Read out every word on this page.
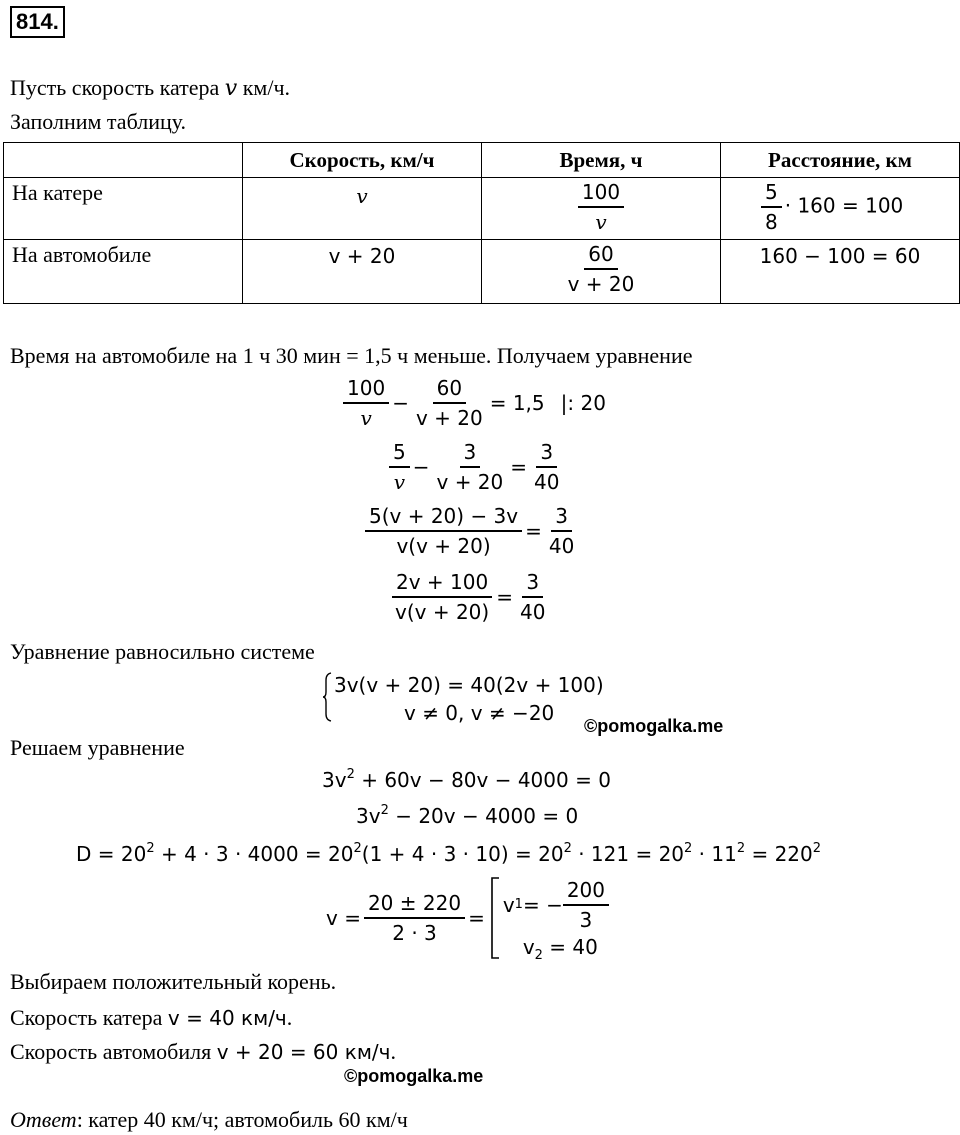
814.
Пусть скорость катера v км/ч.
Заполним таблицу.
	Скорость, км/ч	Время, ч	Расстояние, км
На катере	v	$\frac{100}{v}$	$\frac{5}{8} \cdot 160 = 100$
На автомобиле	v + 20	$\frac{60}{v + 20}$	160 − 100 = 60
Время на автомобиле на 1 ч 30 мин = 1,5 ч меньше. Получаем уравнение
$\frac{100}{v} - \frac{60}{v + 20} = 1,5$ |: 20
$\frac{5}{v} - \frac{3}{v + 20} = \frac{3}{40}$
$\frac{5(v + 20) - 3v}{v(v + 20)} = \frac{3}{40}$
$\frac{2v + 100}{v(v + 20)} = \frac{3}{40}$
Уравнение равносильно системе
3v(v + 20) = 40(2v + 100)
v ≠ 0, v ≠ −20
©pomogalka.me
Решаем уравнение
$3v^2 + 60v - 80v - 4000 = 0$
$3v^2 - 20v - 4000 = 0$
$D = 20^2 + 4 \cdot 3 \cdot 4000 = 20^2(1 + 4 \cdot 3 \cdot 10) = 20^2 \cdot 121 = 20^2 \cdot 11^2 = 220^2$
$v = \frac{20 \pm 220}{2 \cdot 3}$ =
v 1 = − $\frac{200}{3}$
$v_2 = 40$
Выбираем положительный корень.
Скорость катера v = 40 км/ч.
Скорость автомобиля v + 20 = 60 км/ч.
©pomogalka.me
Ответ: катер 40 км/ч; автомобиль 60 км/ч
